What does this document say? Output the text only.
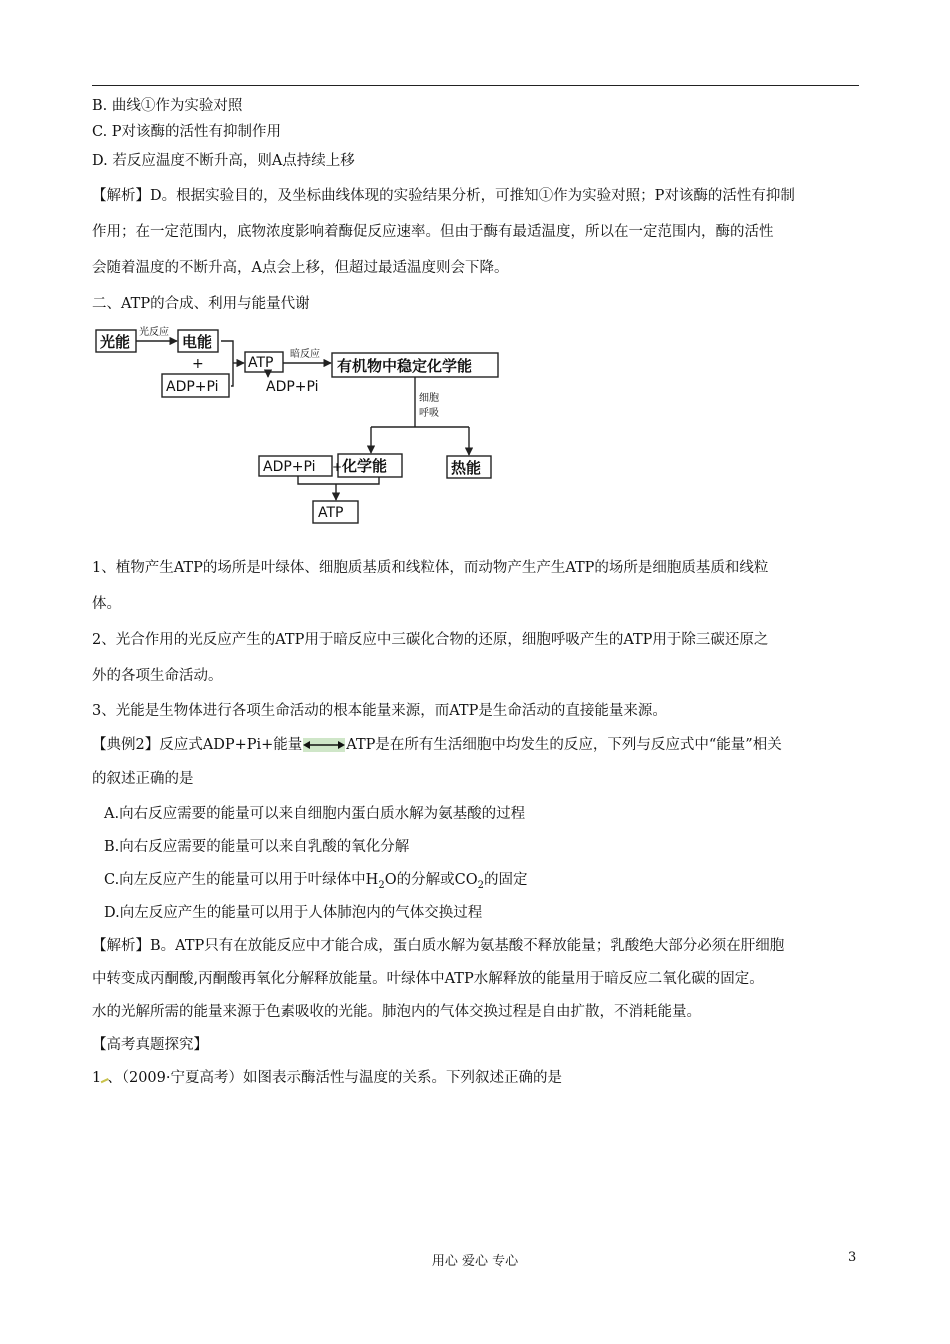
B. 曲线①作为实验对照
C. P对该酶的活性有抑制作用
D. 若反应温度不断升高，则A点持续上移
【解析】D。根据实验目的，及坐标曲线体现的实验结果分析，可推知①作为实验对照；P对该酶的活性有抑制
作用；在一定范围内，底物浓度影响着酶促反应速率。但由于酶有最适温度，所以在一定范围内，酶的活性
会随着温度的不断升高，A点会上移，但超过最适温度则会下降。
二、ATP的合成、利用与能量代谢
光能
光反应
电能
+
ADP+Pi
ATP
暗反应
ADP+Pi
有机物中稳定化学能
细胞
呼吸
ADP+Pi + 化学能	热能
ATP
1、植物产生ATP的场所是叶绿体、细胞质基质和线粒体，而动物产生产生ATP的场所是细胞质基质和线粒
体。
2、光合作用的光反应产生的ATP用于暗反应中三碳化合物的还原，细胞呼吸产生的ATP用于除三碳还原之
外的各项生命活动。
3、光能是生物体进行各项生命活动的根本能量来源，而ATP是生命活动的直接能量来源。
【典例2】反应式ADP+Pi+能量	ATP是在所有生活细胞中均发生的反应，下列与反应式中“能量”相关
的叙述正确的是
A.向右反应需要的能量可以来自细胞内蛋白质水解为氨基酸的过程
B.向右反应需要的能量可以来自乳酸的氧化分解
C.向左反应产生的能量可以用于叶绿体中$H_2O$的分解或$CO_2$的固定
D.向左反应产生的能量可以用于人体肺泡内的气体交换过程
【解析】B。ATP只有在放能反应中才能合成，蛋白质水解为氨基酸不释放能量；乳酸绝大部分必须在肝细胞
中转变成丙酮酸,丙酮酸再氧化分解释放能量。叶绿体中ATP水解释放的能量用于暗反应二氧化碳的固定。
水的光解所需的能量来源于色素吸收的光能。肺泡内的气体交换过程是自由扩散，不消耗能量。
【高考真题探究】
1 、（2009·宁夏高考）如图表示酶活性与温度的关系。下列叙述正确的是
用心 爱心 专心	3
